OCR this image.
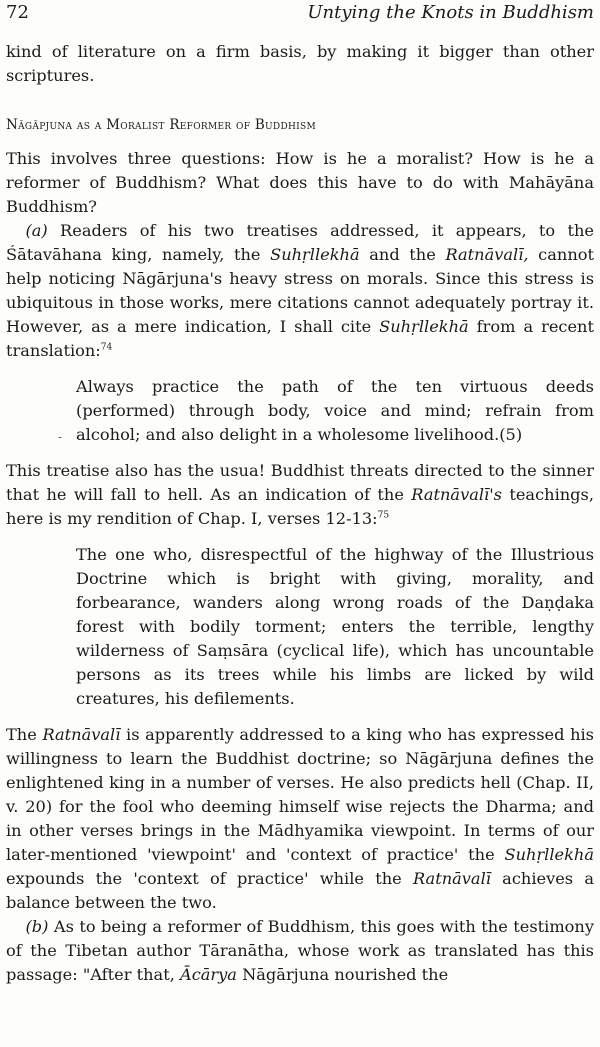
72	Untying the Knots in Buddhism

kind of literature on a firm basis, by making it bigger than other scriptures.

Nāgāpjuna as a Moralist Reformer of Buddhism

This involves three questions: How is he a moralist? How is he a reformer of Buddhism? What does this have to do with Mahāyāna Buddhism?

(a) Readers of his two treatises addressed, it appears, to the Śātavāhana king, namely, the Suhṛllekhā and the Ratnāvalī, cannot help noticing Nāgārjuna's heavy stress on morals. Since this stress is ubiquitous in those works, mere citations cannot adequately portray it. However, as a mere indication, I shall cite Suhṛllekhā from a recent translation:$^{74}$

-

Always practice the path of the ten virtuous deeds (performed) through body, voice and mind; refrain from alcohol; and also delight in a wholesome livelihood.(5)

This treatise also has the usua! Buddhist threats directed to the sinner that he will fall to hell. As an indication of the Ratnāvalī's teachings, here is my rendition of Chap. I, verses 12-13:$^{75}$

The one who, disrespectful of the highway of the Illustrious Doctrine which is bright with giving, morality, and forbearance, wanders along wrong roads of the Daṇḍaka forest with bodily torment; enters the terrible, lengthy wilderness of Saṃsāra (cyclical life), which has uncountable persons as its trees while his limbs are licked by wild creatures, his defilements.

The Ratnāvalī is apparently addressed to a king who has expressed his willingness to learn the Buddhist doctrine; so Nāgārjuna defines the enlightened king in a number of verses. He also predicts hell (Chap. II, v. 20) for the fool who deeming himself wise rejects the Dharma; and in other verses brings in the Mādhyamika viewpoint. In terms of our later-mentioned 'viewpoint' and 'context of practice' the Suhṛllekhā expounds the 'context of practice' while the Ratnāvalī achieves a balance between the two.

(b) As to being a reformer of Buddhism, this goes with the testimony of the Tibetan author Tāranātha, whose work as translated has this passage: "After that, Ācārya Nāgārjuna nourished the
